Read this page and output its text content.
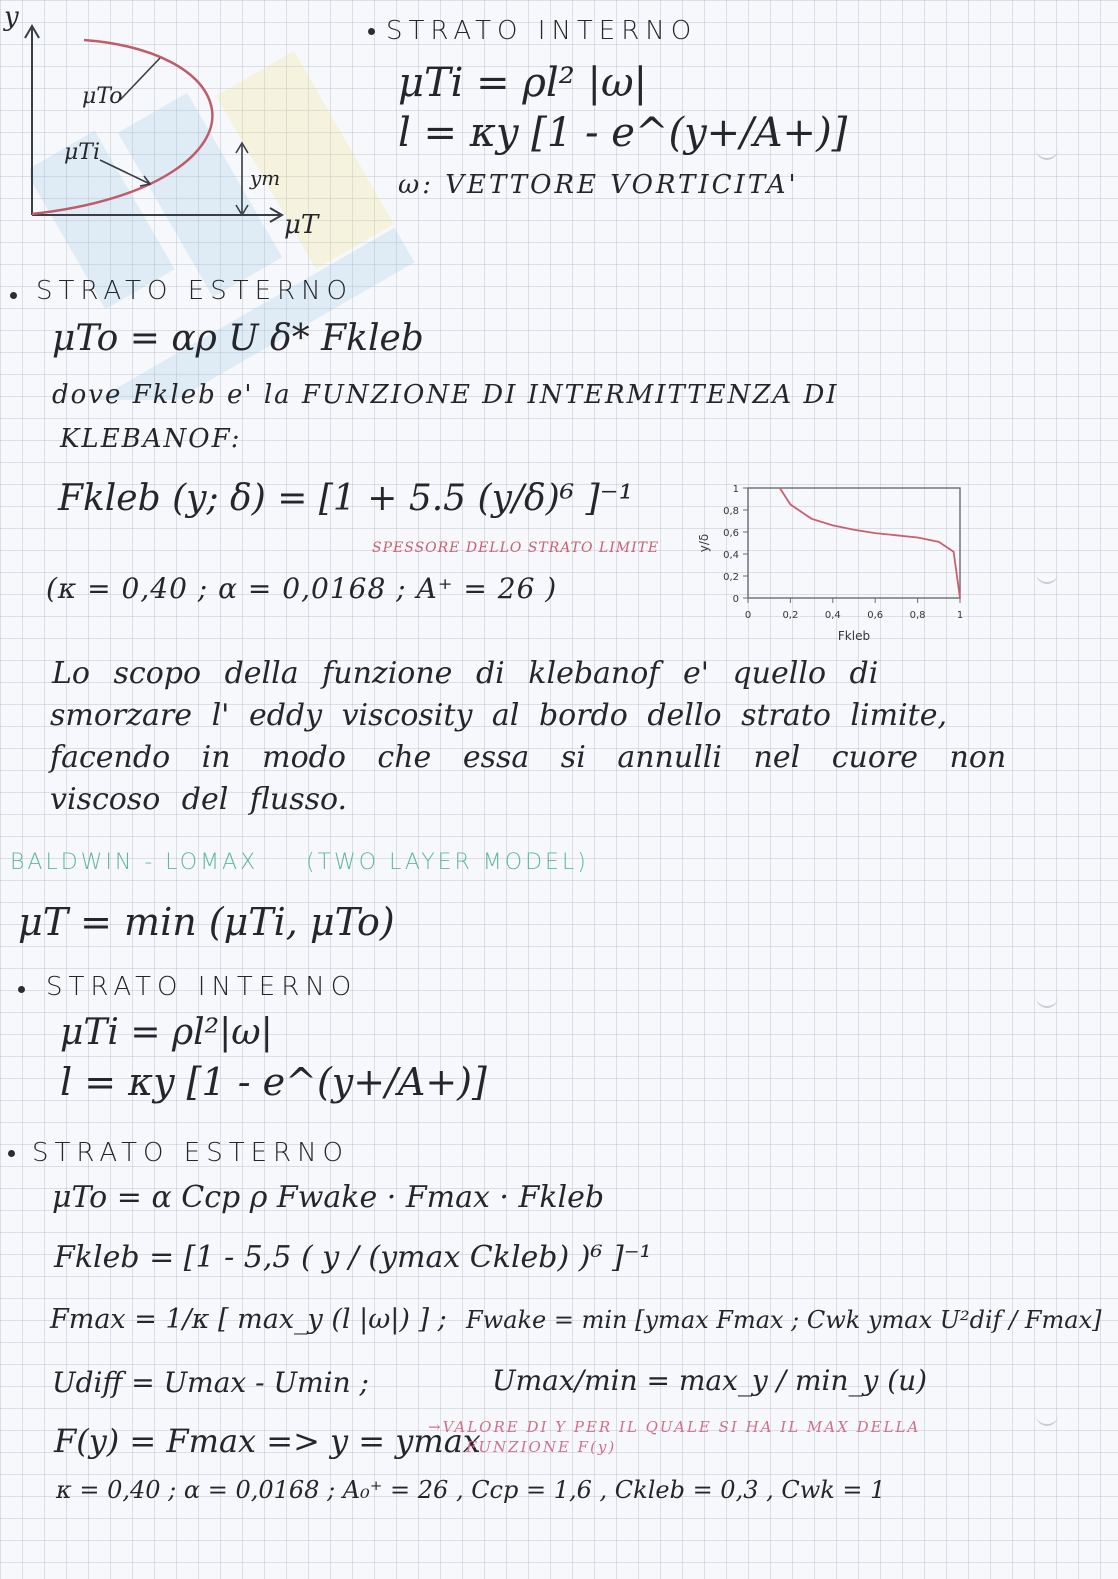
y
μT
μTo
μTi
ym
STRATO INTERNO
μTi = ρl² |ω|
l = κy [1 - e^(y+/A+)]
ω: VETTORE VORTICITA'
STRATO ESTERNO
μTo = αρ U δ* Fkleb
dove Fkleb e' la FUNZIONE DI INTERMITTENZA DI
KLEBANOF:
Fkleb (y; δ) = [1 + 5.5 (y/δ)⁶ ]⁻¹
SPESSORE DELLO STRATO LIMITE
(κ = 0,40 ; α = 0,0168 ; A⁺ = 26 )
0	0,2	0,4	0,6	0,8	1
0
0,2
0,4
0,6
0,8
1
Fkleb
y/δ
Lo scopo della funzione di klebanof e' quello di
smorzare l' eddy viscosity al bordo dello strato limite,
facendo in modo che essa si annulli nel cuore non
viscoso del flusso.
BALDWIN - LOMAX (TWO LAYER MODEL)
μT = min (μTi, μTo)
STRATO INTERNO
μTi = ρl²|ω|
l = κy [1 - e^(y+/A+)]
STRATO ESTERNO
μTo = α Ccp ρ Fwake · Fmax · Fkleb
Fkleb = [1 - 5,5 ( y / (ymax Ckleb) )⁶ ]⁻¹
Fmax = 1/κ [ max_y (l |ω|) ] ; Fwake = min [ymax Fmax ; Cwk ymax U²dif / Fmax]
Udiff = Umax - Umin ;	Umax/min = max_y / min_y (u)
F(y) = Fmax => y = ymax
→VALORE DI Y PER IL QUALE SI HA IL MAX DELLA
FUNZIONE F(y)
κ = 0,40 ; α = 0,0168 ; A₀⁺ = 26 , Ccp = 1,6 , Ckleb = 0,3 , Cwk = 1
